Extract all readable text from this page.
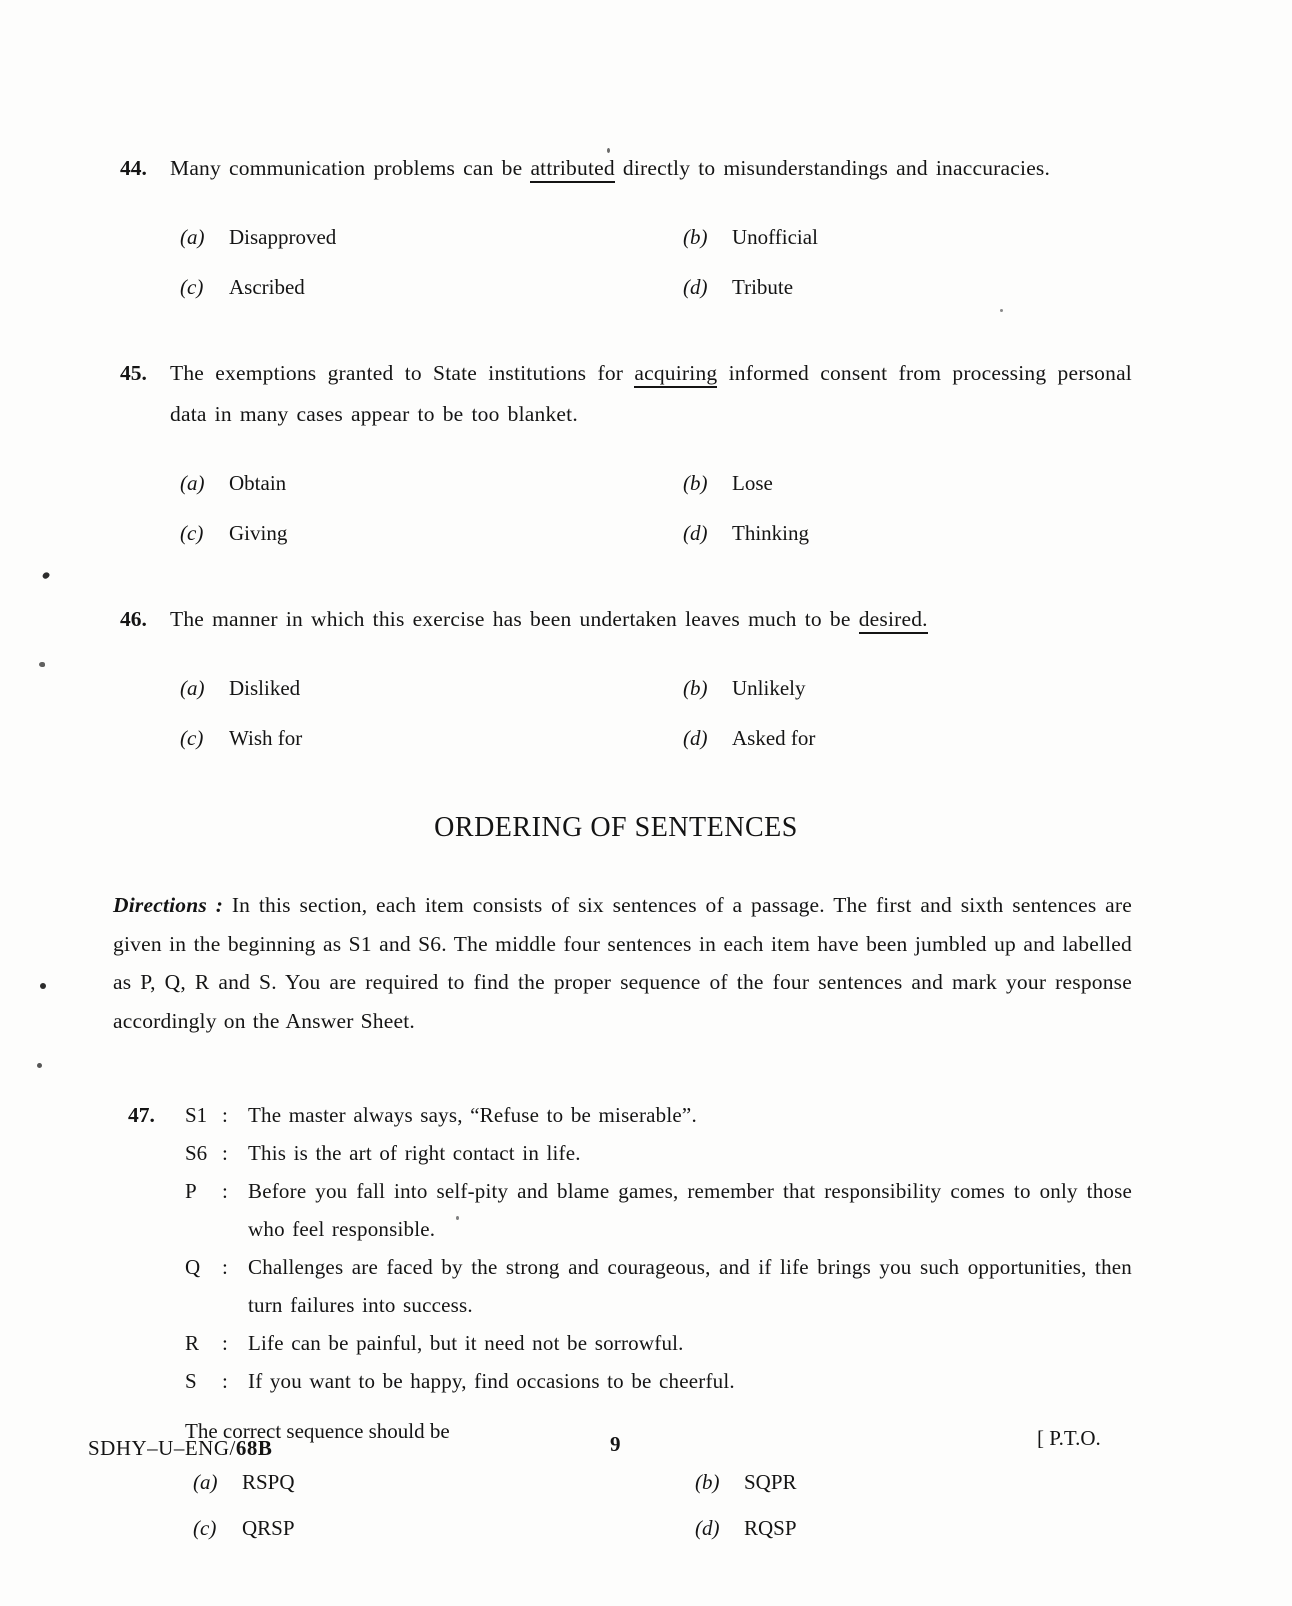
44.	Many communication problems can be attributed directly to misunderstandings and inaccuracies.

(a)	Disapproved	(b)	Unofficial
(c)	Ascribed	(d)	Tribute
45.	The exemptions granted to State institutions for acquiring informed consent from processing personal data in many cases appear to be too blanket.

(a)	Obtain	(b)	Lose
(c)	Giving	(d)	Thinking
46.	The manner in which this exercise has been undertaken leaves much to be desired.

(a)	Disliked	(b)	Unlikely
(c)	Wish for	(d)	Asked for
ORDERING OF SENTENCES

Directions : In this section, each item consists of six sentences of a passage. The first and sixth sentences are given in the beginning as S1 and S6. The middle four sentences in each item have been jumbled up and labelled as P, Q, R and S. You are required to find the proper sequence of the four sentences and mark your response accordingly on the Answer Sheet.

47.	S1 : The master always says, “Refuse to be miserable”.

S6 : This is the art of right contact in life.

P	: Before you fall into self-pity and blame games, remember that responsibility comes to only those who feel responsible.

Q	: Challenges are faced by the strong and courageous, and if life brings you such opportunities, then turn failures into success.

R	: Life can be painful, but it need not be sorrowful.

S	: If you want to be happy, find occasions to be cheerful.

The correct sequence should be

(a)	RSPQ	(b)	SQPR
(c)	QRSP	(d)	RQSP
SDHY–U–ENG/68B	9	[ P.T.O.
